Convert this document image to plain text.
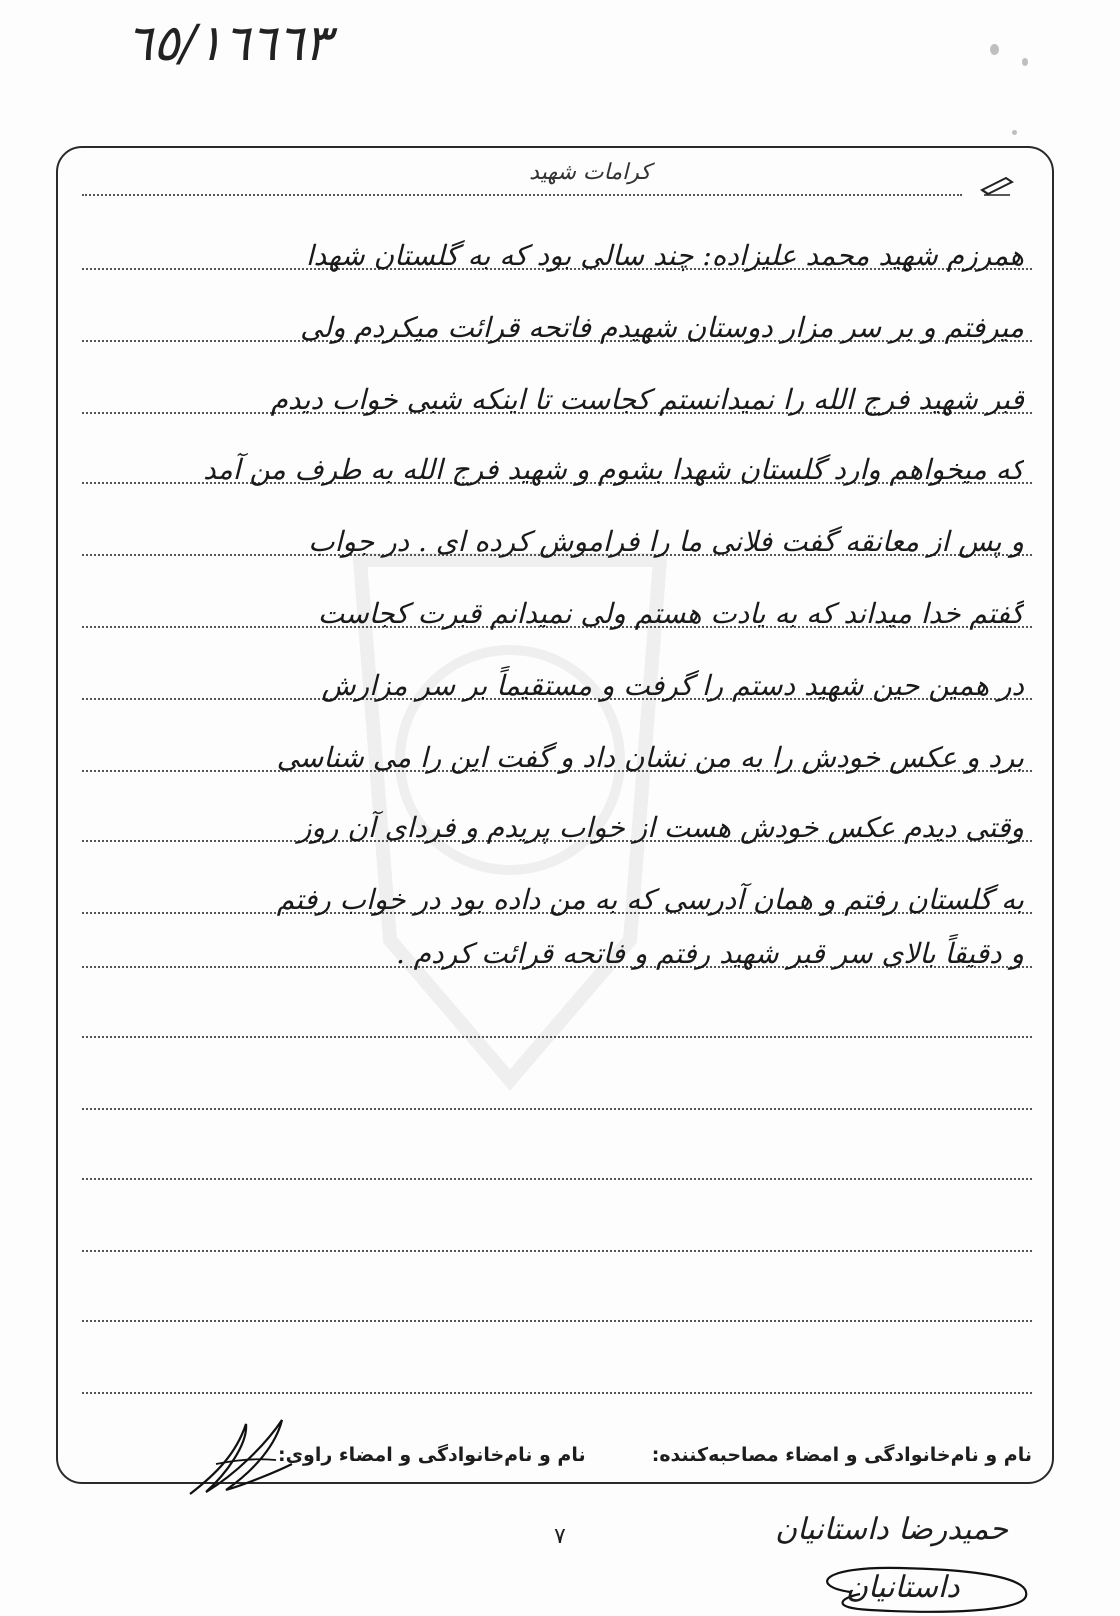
٦٥/١٦٦٦٣
کرامات شهید
همرزم شهید محمد علیزاده: چند سالی بود که به گلستان شهدا
میرفتم و بر سر مزار دوستان شهیدم فاتحه قرائت میکردم ولی
قبر شهید فرج الله را نمیدانستم کجاست تا اینکه شبی خواب دیدم
که میخواهم وارد گلستان شهدا بشوم و شهید فرج الله به طرف من آمد
و پس از معانقه گفت فلانی ما را فراموش کرده ای . در جواب
گفتم خدا میداند که به یادت هستم ولی نمیدانم قبرت کجاست
در همین حین شهید دستم را گرفت و مستقیماً بر سر مزارش
برد و عکس خودش را به من نشان داد و گفت این را می شناسی
وقتی دیدم عکس خودش هست از خواب پریدم و فردای آن روز
به گلستان رفتم و همان آدرسی که به من داده بود در خواب رفتم
و دقیقاً بالای سر قبر شهید رفتم و فاتحه قرائت کردم .
نام و نام‌خانوادگی و امضاء مصاحبه‌کننده:
نام و نام‌خانوادگی و امضاء راوی:
۷	حمیدرضا داستانیان
داستانیان
